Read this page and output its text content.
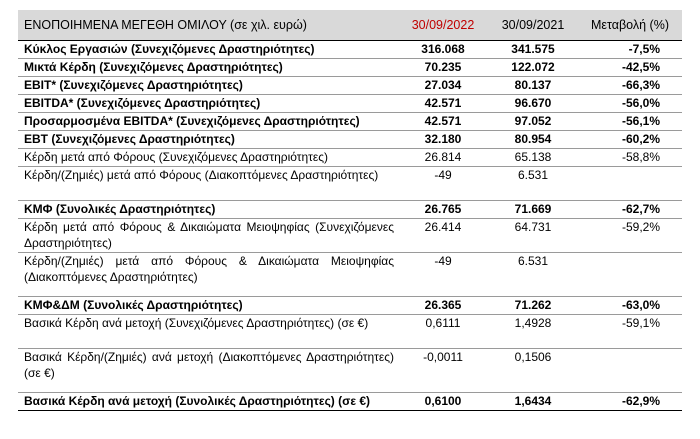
ΕΝΟΠΟΙΗΜΕΝΑ ΜΕΓΕΘΗ ΟΜΙΛΟΥ (σε χιλ. ευρώ)	30/09/2022	30/09/2021	Μεταβολή (%)
Κύκλος Εργασιών (Συνεχιζόμενες Δραστηριότητες)	316.068	341.575	-7,5%
Μικτά Κέρδη (Συνεχιζόμενες Δραστηριότητες)	70.235	122.072	-42,5%
EBIT* (Συνεχιζόμενες Δραστηριότητες)	27.034	80.137	-66,3%
EBITDA* (Συνεχιζόμενες Δραστηριότητες)	42.571	96.670	-56,0%
Προσαρμοσμένα EBITDA* (Συνεχιζόμενες Δραστηριότητες)	42.571	97.052	-56,1%
EBT (Συνεχιζόμενες Δραστηριότητες)	32.180	80.954	-60,2%
Κέρδη μετά από Φόρους (Συνεχιζόμενες Δραστηριότητες)	26.814	65.138	-58,8%
Κέρδη/(Ζημιές) μετά από Φόρους (Διακοπτόμενες Δραστηριότητες)	-49	6.531	
ΚΜΦ (Συνολικές Δραστηριότητες)	26.765	71.669	-62,7%
Κέρδη μετά από Φόρους & Δικαιώματα Μειοψηφίας (Συνεχιζόμενες Δραστηριότητες)	26.414	64.731	-59,2%
Κέρδη/(Ζημιές) μετά από Φόρους & Δικαιώματα Μειοψηφίας (Διακοπτόμενες Δραστηριότητες)	-49	6.531	
ΚΜΦ&ΔΜ (Συνολικές Δραστηριότητες)	26.365	71.262	-63,0%
Βασικά Κέρδη ανά μετοχή (Συνεχιζόμενες Δραστηριότητες) (σε €)	0,6111	1,4928	-59,1%
Βασικά Κέρδη/(Ζημιές) ανά μετοχή (Διακοπτόμενες Δραστηριότητες) (σε €)	-0,0011	0,1506	
Βασικά Κέρδη ανά μετοχή (Συνολικές Δραστηριότητες) (σε €)	0,6100	1,6434	-62,9%
